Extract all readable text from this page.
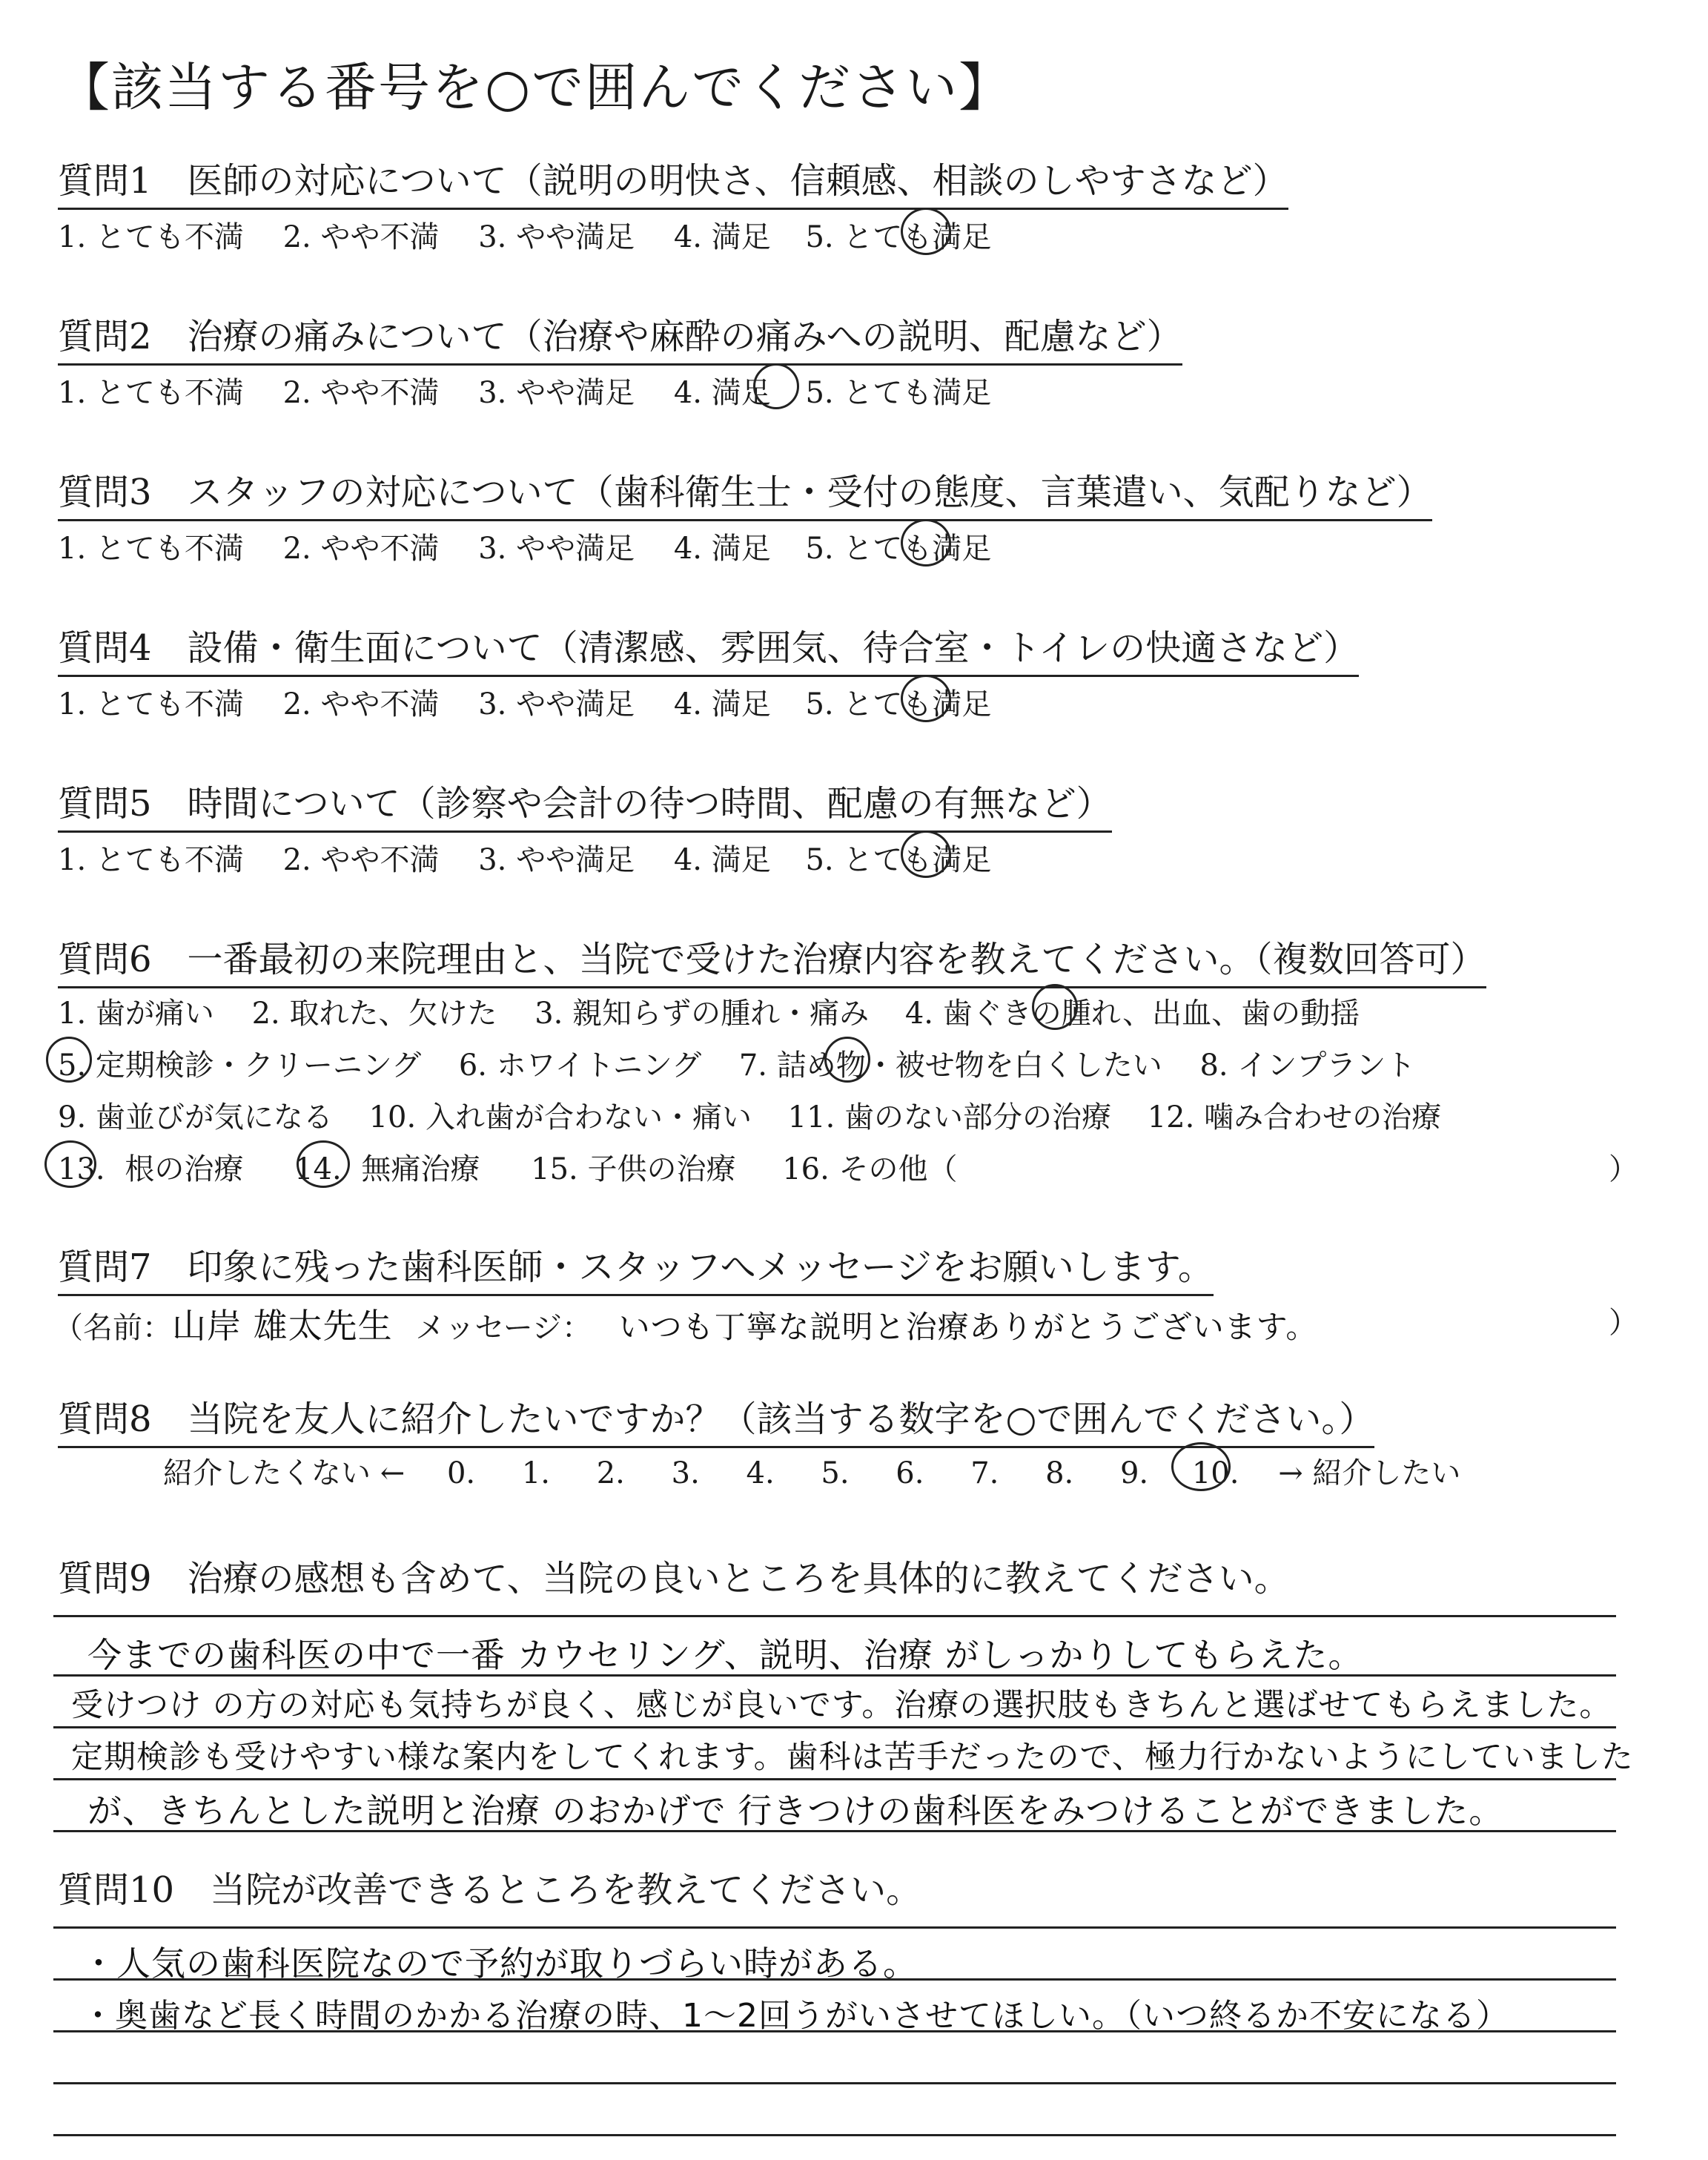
【該当する番号を○で囲んでください】
質問1　医師の対応について（説明の明快さ、信頼感、相談のしやすさなど）
1. とても不満 2. やや不満 3. やや満足 4. 満足 5. とても満足
質問2　治療の痛みについて（治療や麻酔の痛みへの説明、配慮など）
1. とても不満 2. やや不満 3. やや満足 4. 満足 5. とても満足
質問3　スタッフの対応について（歯科衛生士・受付の態度、言葉遣い、気配りなど）
1. とても不満 2. やや不満 3. やや満足 4. 満足 5. とても満足
質問4　設備・衛生面について（清潔感、雰囲気、待合室・トイレの快適さなど）
1. とても不満 2. やや不満 3. やや満足 4. 満足 5. とても満足
質問5　時間について（診察や会計の待つ時間、配慮の有無など）
1. とても不満 2. やや不満 3. やや満足 4. 満足 5. とても満足
質問6　一番最初の来院理由と、当院で受けた治療内容を教えてください。（複数回答可）
1. 歯が痛い 2. 取れた、欠けた 3. 親知らずの腫れ・痛み 4. 歯ぐきの腫れ、出血、歯の動揺
5. 定期検診・クリーニング 6. ホワイトニング 7. 詰め物・被せ物を白くしたい 8. インプラント
9. 歯並びが気になる 10. 入れ歯が合わない・痛い 11. 歯のない部分の治療 12. 噛み合わせの治療
13. 根の治療 14. 無痛治療 15. 子供の治療 16. その他（	）
質問7　印象に残った歯科医師・スタッフへメッセージをお願いします。
（名前：山岸 雄太先生 メッセージ： いつも丁寧な説明と治療ありがとうございます。	）
質問8　当院を友人に紹介したいですか？（該当する数字を○で囲んでください。）
紹介したくない ← 0. 1. 2. 3. 4. 5. 6. 7. 8. 9. 10. → 紹介したい
質問9　治療の感想も含めて、当院の良いところを具体的に教えてください。
今までの歯科医の中で一番 カウセリング、説明、治療 がしっかりしてもらえた。
受けつけ の方の対応も気持ちが良く、感じが良いです。治療の選択肢もきちんと選ばせてもらえました。
定期検診も受けやすい様な案内をしてくれます。歯科は苦手だったので、極力行かないようにしていました
が、きちんとした説明と治療 のおかげで 行きつけの歯科医をみつけることができました。
質問10　当院が改善できるところを教えてください。
・人気の歯科医院なので予約が取りづらい時がある。
・奥歯など長く時間のかかる治療の時、1〜2回うがいさせてほしい。（いつ終るか不安になる）
